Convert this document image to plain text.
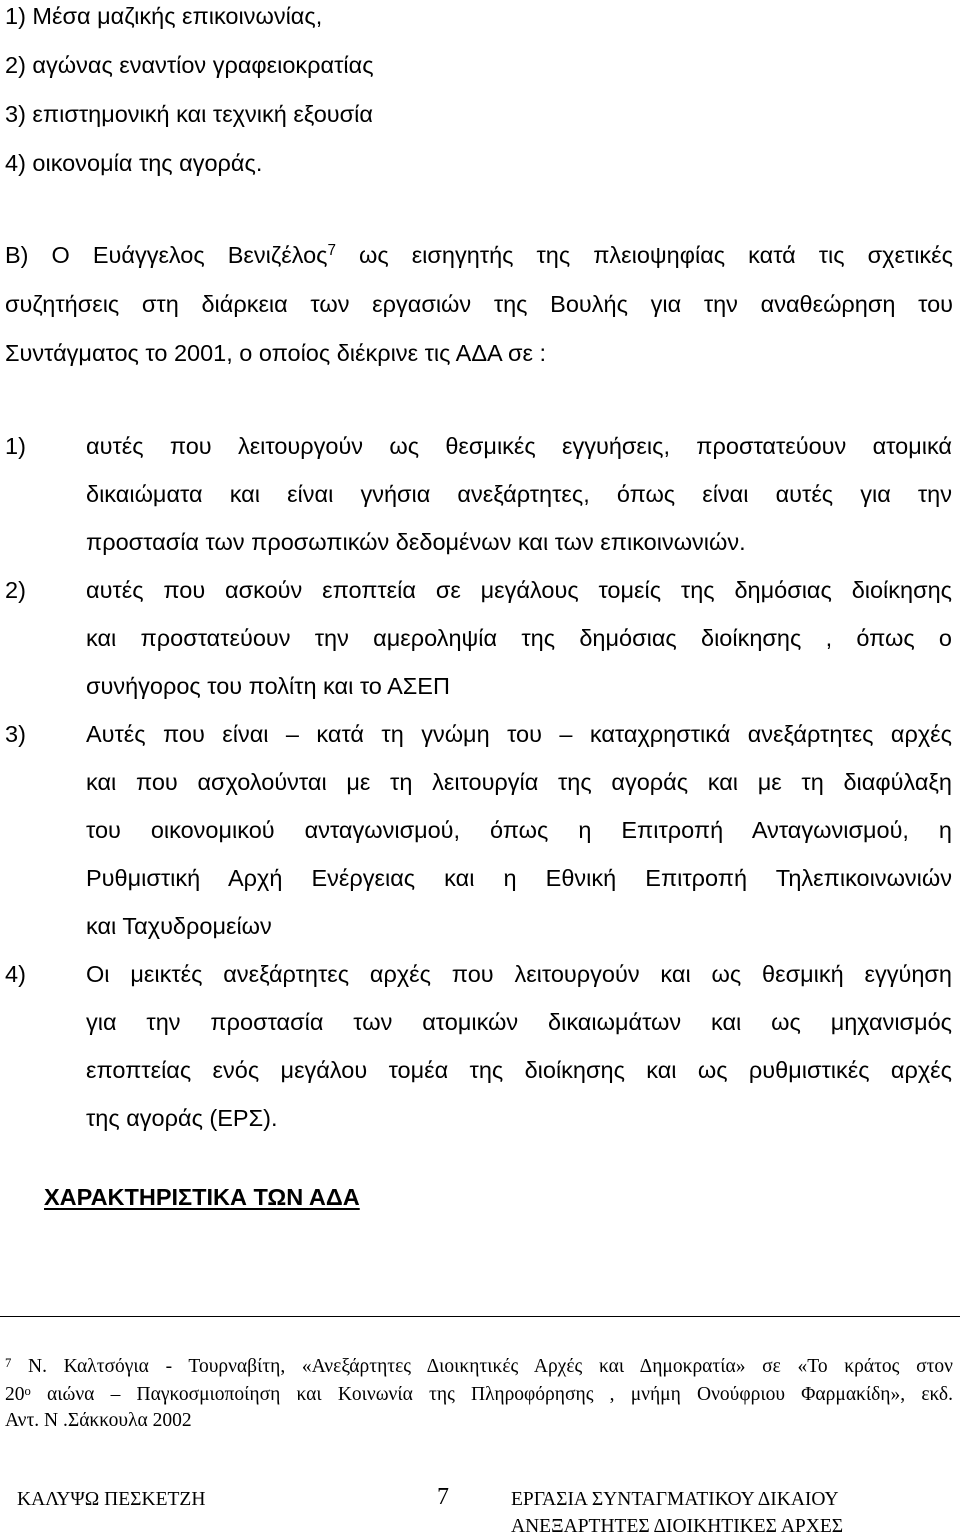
1) Μέσα μαζικής επικοινωνίας,
2) αγώνας εναντίον γραφειοκρατίας
3) επιστημονική και τεχνική εξουσία
4) οικονομία της αγοράς.
Β) Ο Ευάγγελος Βενιζέλος$^7$ ως εισηγητής της πλειοψηφίας κατά τις σχετικές
συζητήσεις στη διάρκεια των εργασιών της Βουλής για την αναθεώρηση του
Συντάγματος το 2001, ο οποίος διέκρινε τις ΑΔΑ σε :
1)	αυτές που λειτουργούν ως θεσμικές εγγυήσεις, προστατεύουν ατομικά
δικαιώματα και είναι γνήσια ανεξάρτητες, όπως είναι αυτές για την
προστασία των προσωπικών δεδομένων και των επικοινωνιών.
2)	αυτές που ασκούν εποπτεία σε μεγάλους τομείς της δημόσιας διοίκησης
και προστατεύουν την αμεροληψία της δημόσιας διοίκησης , όπως ο
συνήγορος του πολίτη και το ΑΣΕΠ
3)	Αυτές που είναι – κατά τη γνώμη του – καταχρηστικά ανεξάρτητες αρχές
και που ασχολούνται με τη λειτουργία της αγοράς και με τη διαφύλαξη
του οικονομικού ανταγωνισμού, όπως η Επιτροπή Ανταγωνισμού, η
Ρυθμιστική Αρχή Ενέργειας και η Εθνική Επιτροπή Τηλεπικοινωνιών
και Ταχυδρομείων
4)	Οι μεικτές ανεξάρτητες αρχές που λειτουργούν και ως θεσμική εγγύηση
για την προστασία των ατομικών δικαιωμάτων και ως μηχανισμός
εποπτείας ενός μεγάλου τομέα της διοίκησης και ως ρυθμιστικές αρχές
της αγοράς (ΕΡΣ).
ΧΑΡΑΚΤΗΡΙΣΤΙΚΑ ΤΩΝ ΑΔΑ
$^7$ Ν. Καλτσόγια - Τουρναβίτη, «Ανεξάρτητες Διοικητικές Αρχές και Δημοκρατία» σε «Το κράτος στον
$20^o$ αιώνα – Παγκοσμιοποίηση και Κοινωνία της Πληροφόρησης , μνήμη Ονούφριου Φαρμακίδη», εκδ.
Αντ. Ν .Σάκκουλα 2002
ΚΑΛΥΨΩ ΠΕΣΚΕΤΖΗ	7	ΕΡΓΑΣΙΑ ΣΥΝΤΑΓΜΑΤΙΚΟΥ ΔΙΚΑΙΟΥ
ΑΝΕΞΑΡΤΗΤΕΣ ΔΙΟΙΚΗΤΙΚΕΣ ΑΡΧΕΣ
